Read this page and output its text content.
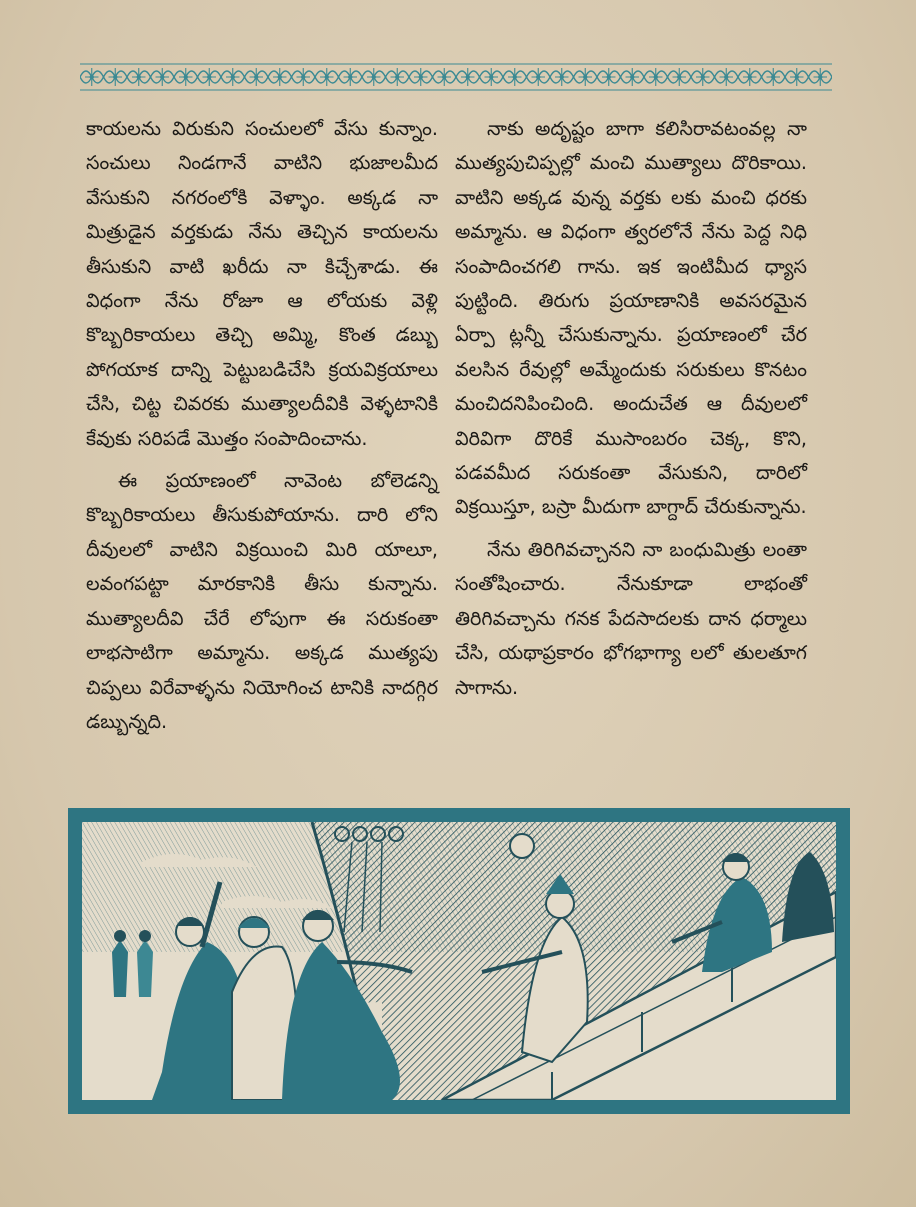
కాయలను విరుకుని సంచులలో వేసు కున్నాం. సంచులు నిండగానే వాటిని భుజాలమీద వేసుకుని నగరంలోకి వెళ్ళాం. అక్కడ నా మిత్రుడైన వర్తకుడు నేను తెచ్చిన కాయలను తీసుకుని వాటి ఖరీదు నా కిచ్చేశాడు. ఈ విధంగా నేను రోజూ ఆ లోయకు వెళ్లి కొబ్బరికాయలు తెచ్చి అమ్మి, కొంత డబ్బు పోగయాక దాన్ని పెట్టుబడిచేసి క్రయవిక్రయాలు చేసి, చిట్ట చివరకు ముత్యాలదీవికి వెళ్ళటానికి కేవుకు సరిపడే మొత్తం సంపాదించాను.

ఈ ప్రయాణంలో నావెంట బోలెడన్ని కొబ్బరికాయలు తీసుకుపోయాను. దారి లోని దీవులలో వాటిని విక్రయించి మిరి యాలూ, లవంగపట్టా మారకానికి తీసు కున్నాను. ముత్యాలదీవి చేరే లోపుగా ఈ సరుకంతా లాభసాటిగా అమ్మాను. అక్కడ ముత్యపు చిప్పలు విరేవాళ్ళను నియోగించ టానికి నాదగ్గిర డబ్బున్నది.

నాకు అదృష్టం బాగా కలిసిరావటంవల్ల నా ముత్యపుచిప్పల్లో మంచి ముత్యాలు దొరికాయి. వాటిని అక్కడ వున్న వర్తకు లకు మంచి ధరకు అమ్మాను. ఆ విధంగా త్వరలోనే నేను పెద్ద నిధి సంపాదించగలి గాను. ఇక ఇంటిమీద ధ్యాస పుట్టింది. తిరుగు ప్రయాణానికి అవసరమైన ఏర్పా ట్లన్నీ చేసుకున్నాను. ప్రయాణంలో చేర వలసిన రేవుల్లో అమ్మేందుకు సరుకులు కొనటం మంచిదనిపించింది. అందుచేత ఆ దీవులలో విరివిగా దొరికే ముసాంబరం చెక్క, కొని, పడవమీద సరుకంతా వేసుకుని, దారిలో విక్రయిస్తూ, బస్రా మీదుగా బాగ్దాద్ చేరుకున్నాను.

నేను తిరిగివచ్చానని నా బంధుమిత్రు లంతా సంతోషించారు. నేనుకూడా లాభంతో తిరిగివచ్చాను గనక పేదసాదలకు దాన ధర్మాలు చేసి, యథాప్రకారం భోగభాగ్యా లలో తులతూగ సాగాను.
